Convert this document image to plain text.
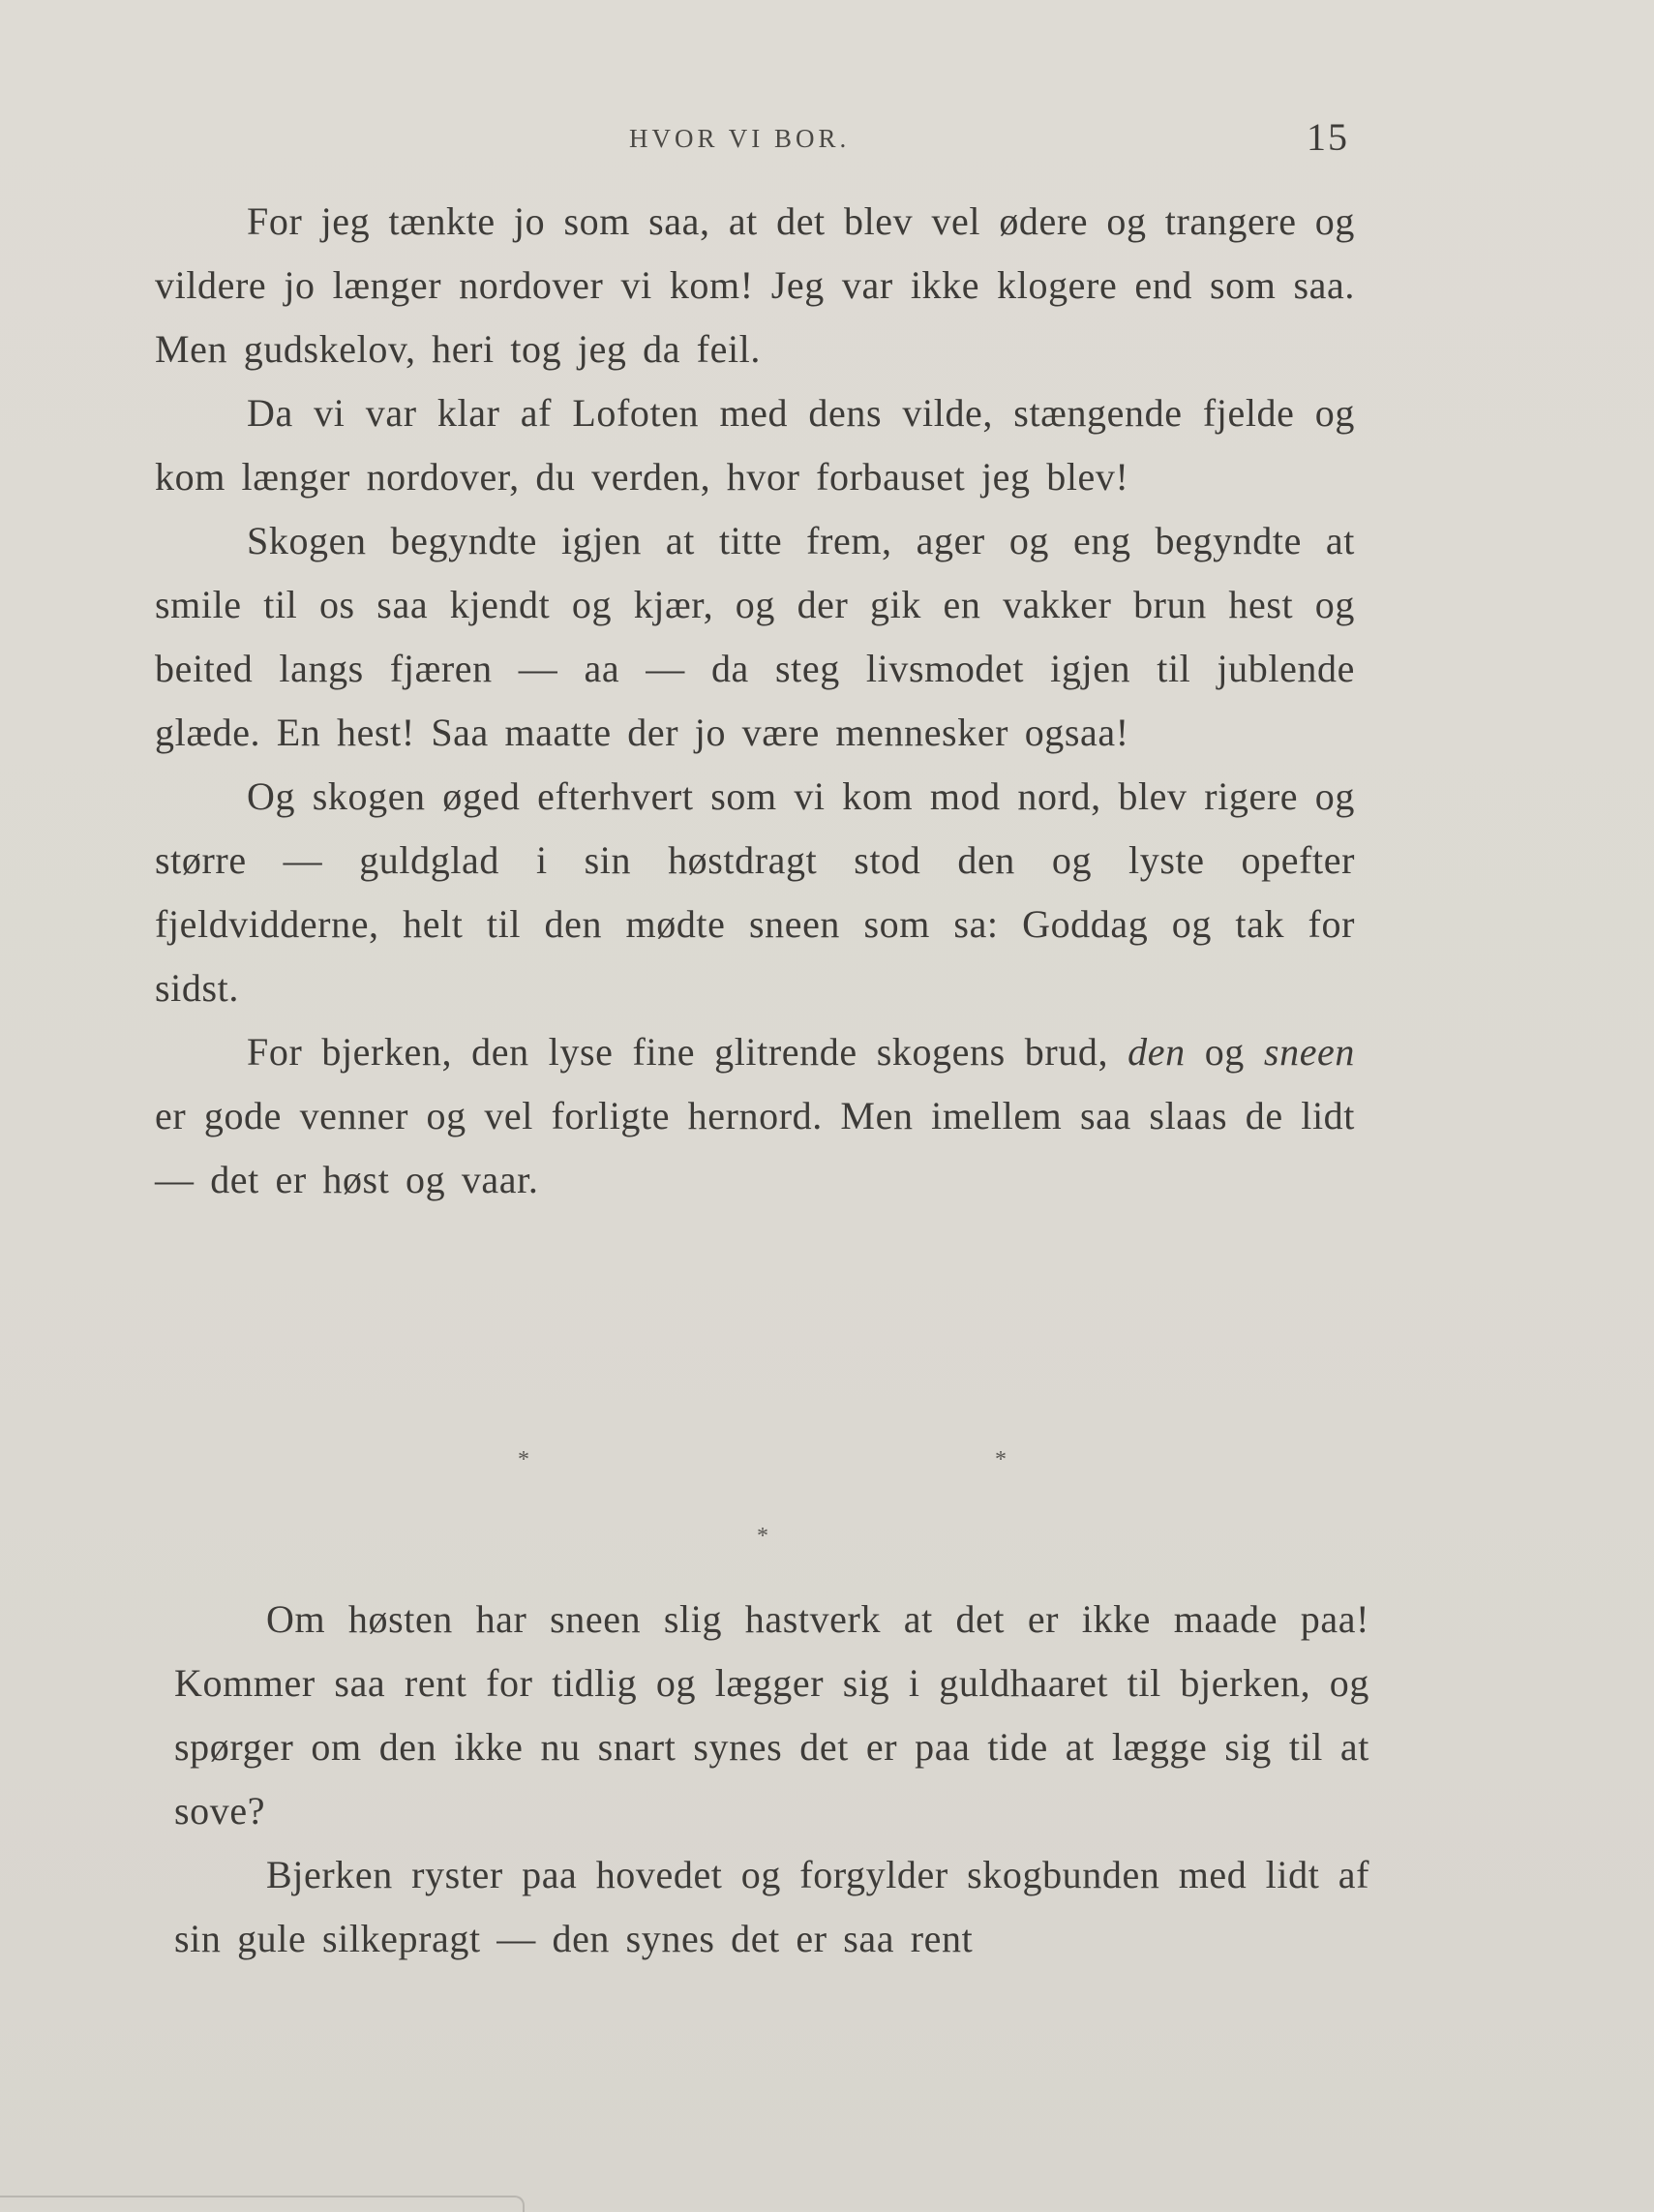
HVOR VI BOR.	15

For jeg tænkte jo som saa, at det blev vel ødere og trangere og vildere jo længer nordover vi kom! Jeg var ikke klogere end som saa. Men gudskelov, heri tog jeg da feil.

Da vi var klar af Lofoten med dens vilde, stængende fjelde og kom længer nordover, du verden, hvor forbauset jeg blev!

Skogen begyndte igjen at titte frem, ager og eng begyndte at smile til os saa kjendt og kjær, og der gik en vakker brun hest og beited langs fjæren — aa — da steg livsmodet igjen til jublende glæde. En hest! Saa maatte der jo være mennesker ogsaa!

Og skogen øged efterhvert som vi kom mod nord, blev rigere og større — guldglad i sin høstdragt stod den og lyste opefter fjeldvidderne, helt til den mødte sneen som sa: Goddag og tak for sidst.

For bjerken, den lyse fine glitrende skogens brud, den og sneen er gode venner og vel forligte hernord. Men imellem saa slaas de lidt — det er høst og vaar.

*	*
*

Om høsten har sneen slig hastverk at det er ikke maade paa! Kommer saa rent for tidlig og lægger sig i guldhaaret til bjerken, og spørger om den ikke nu snart synes det er paa tide at lægge sig til at sove?

Bjerken ryster paa hovedet og forgylder skogbunden med lidt af sin gule silkepragt — den synes det er saa rent
